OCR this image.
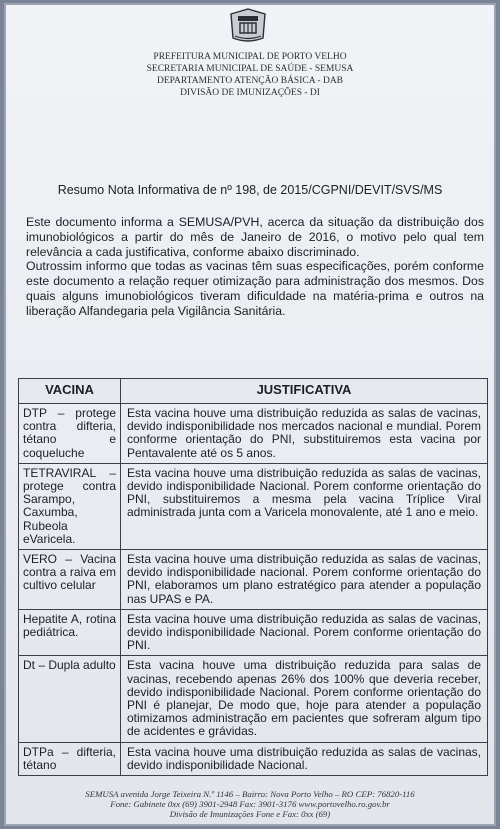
PREFEITURA MUNICIPAL DE PORTO VELHO
SECRETARIA MUNICIPAL DE SAÚDE - SEMUSA
DEPARTAMENTO ATENÇÃO BÁSICA - DAB
DIVISÃO DE IMUNIZAÇÕES - DI
Resumo Nota Informativa de nº 198, de 2015/CGPNI/DEVIT/SVS/MS

Este documento informa a SEMUSA/PVH, acerca da situação da distribuição dos imunobiológicos a partir do mês de Janeiro de 2016, o motivo pelo qual tem relevância a cada justificativa, conforme abaixo discriminado.

Outrossim informo que todas as vacinas têm suas especificações, porém conforme este documento a relação requer otimização para administração dos mesmos. Dos quais alguns imunobiológicos tiveram dificuldade na matéria-prima e outros na liberação Alfandegaria pela Vigilância Sanitária.

VACINA	JUSTIFICATIVA
DTP – protege contra difteria, tétano e coqueluche	Esta vacina houve uma distribuição reduzida as salas de vacinas, devido indisponibilidade nos mercados nacional e mundial. Porem conforme orientação do PNI, substituiremos esta vacina por Pentavalente até os 5 anos.
TETRAVIRAL – protege contra Sarampo, Caxumba, Rubeola eVaricela.	Esta vacina houve uma distribuição reduzida as salas de vacinas, devido indisponibilidade Nacional. Porem conforme orientação do PNI, substituiremos a mesma pela vacina Tríplice Viral administrada junta com a Varicela monovalente, até 1 ano e meio.
VERO – Vacina contra a raiva em cultivo celular	Esta vacina houve uma distribuição reduzida as salas de vacinas, devido indisponibilidade nacional. Porem conforme orientação do PNI, elaboramos um plano estratégico para atender a população nas UPAS e PA.
Hepatite A, rotina pediátrica.	Esta vacina houve uma distribuição reduzida as salas de vacinas, devido indisponibilidade Nacional. Porem conforme orientação do PNI.
Dt – Dupla adulto	Esta vacina houve uma distribuição reduzida para salas de vacinas, recebendo apenas 26% dos 100% que deveria receber, devido indisponibilidade Nacional. Porem conforme orientação do PNI é planejar, De modo que, hoje para atender a população otimizamos administração em pacientes que sofreram algum tipo de acidentes e grávidas.
DTPa – difteria, tétano	Esta vacina houve uma distribuição reduzida as salas de vacinas, devido indisponibilidade Nacional.
SEMUSA avenida Jorge Teixeira N.º 1146 – Bairro: Nova Porto Velho – RO CEP: 76820-116
Fone: Gabinete 0xx (69) 3901-2948 Fax: 3901-3176 www.portovelho.ro.gov.br
Divisão de Imunizações Fone e Fax: 0xx (69)
